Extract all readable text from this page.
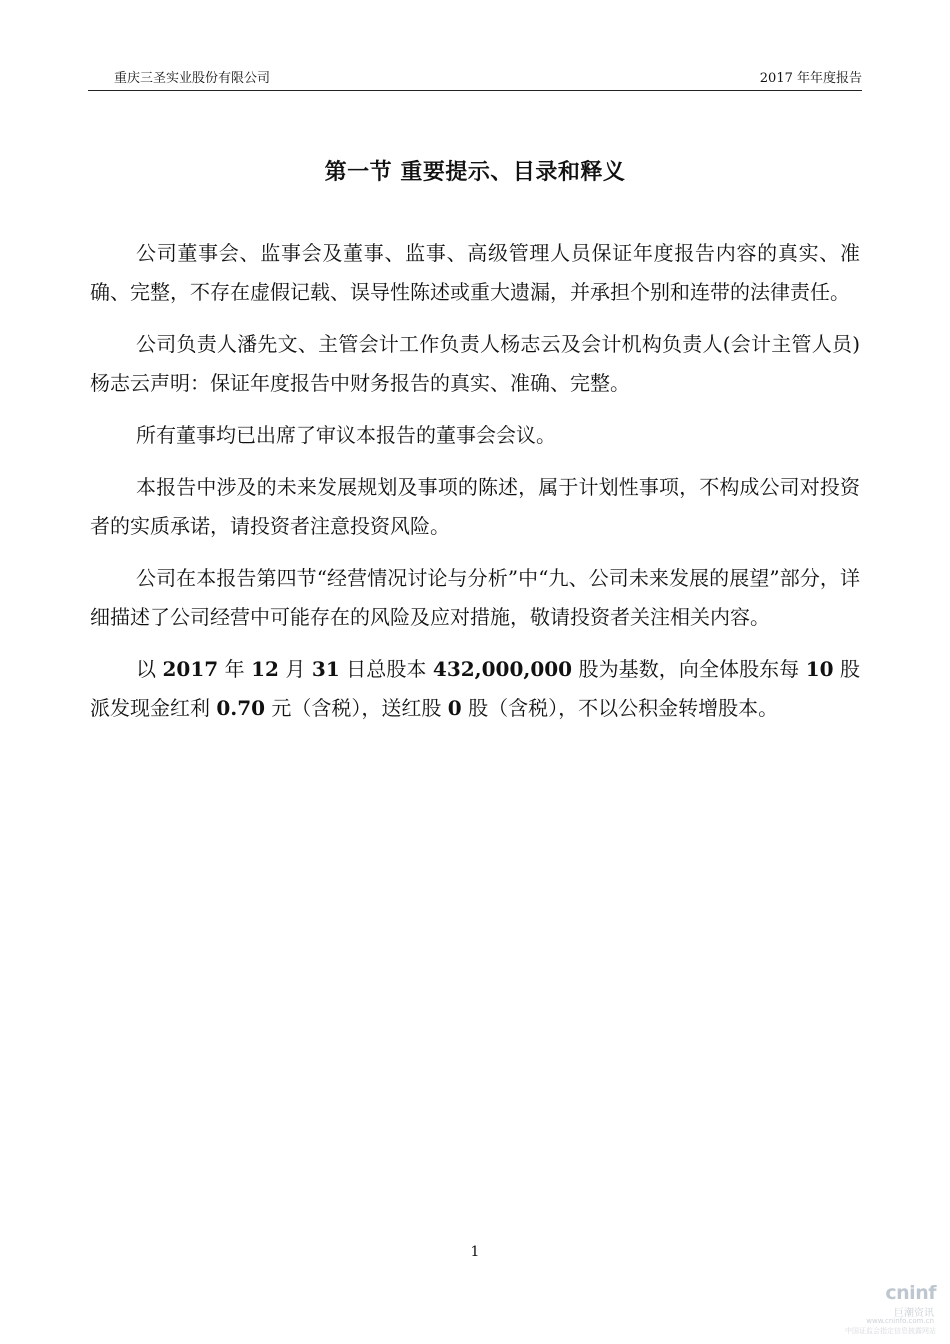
重庆三圣实业股份有限公司	2017 年年度报告
第一节 重要提示、目录和释义

公司董事会、监事会及董事、监事、高级管理人员保证年度报告内容的真实、准确、完整，不存在虚假记载、误导性陈述或重大遗漏，并承担个别和连带的法律责任。

公司负责人潘先文、主管会计工作负责人杨志云及会计机构负责人(会计主管人员)杨志云声明：保证年度报告中财务报告的真实、准确、完整。

所有董事均已出席了审议本报告的董事会会议。

本报告中涉及的未来发展规划及事项的陈述，属于计划性事项，不构成公司对投资者的实质承诺，请投资者注意投资风险。

公司在本报告第四节“经营情况讨论与分析”中“九、公司未来发展的展望”部分，详细描述了公司经营中可能存在的风险及应对措施，敬请投资者关注相关内容。

以 2017 年 12 月 31 日总股本 432,000,000 股为基数，向全体股东每 10 股派发现金红利 0.70 元（含税），送红股 0 股（含税），不以公积金转增股本。

1
cninf
巨潮资讯
www.cninfo.com.cn
中国证监会指定信息披露网站
